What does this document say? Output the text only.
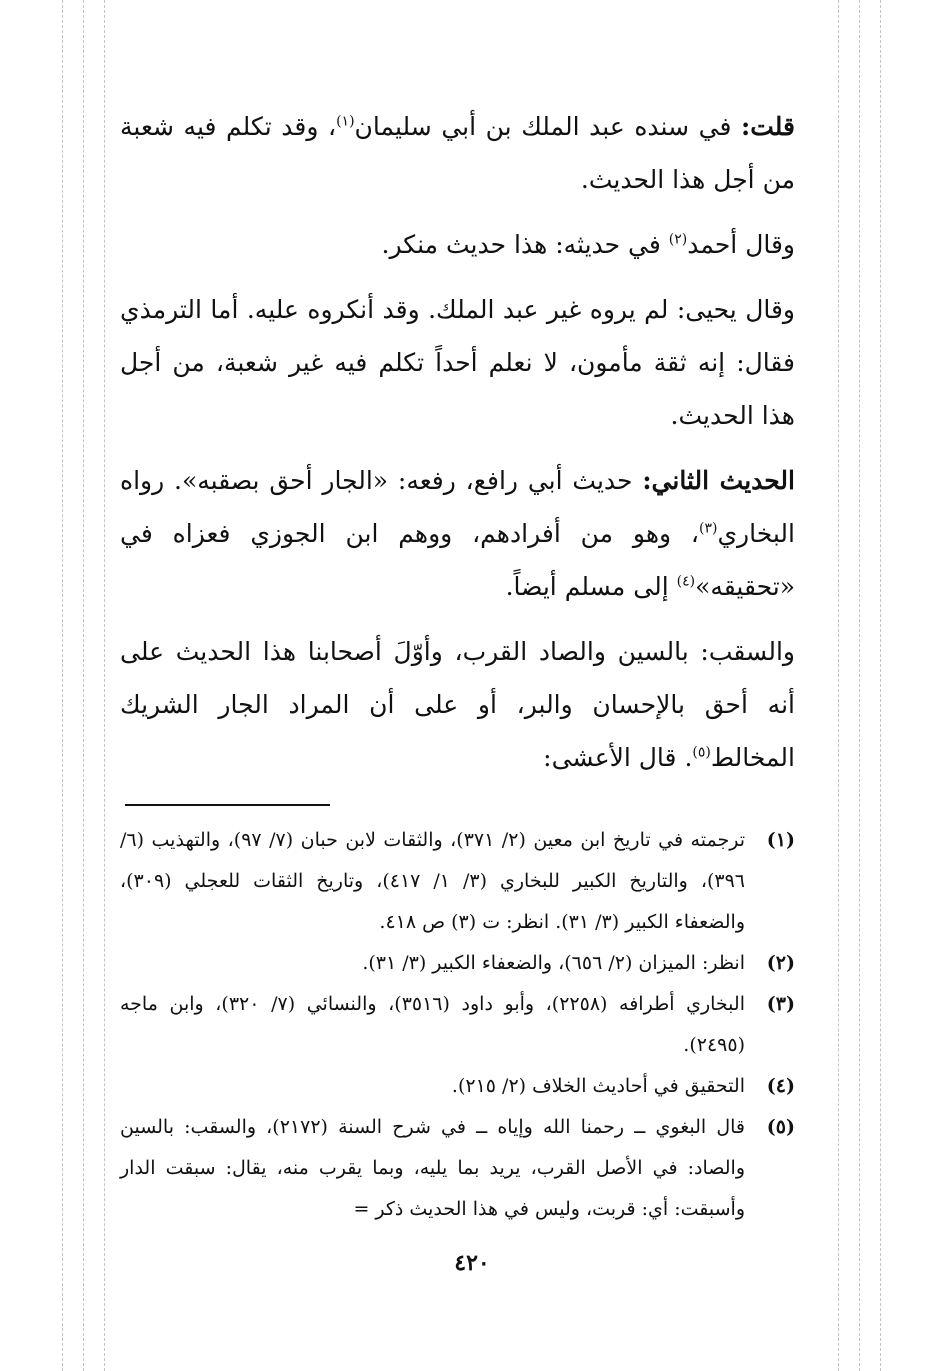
قلت: في سنده عبد الملك بن أبي سليمان$^{(١)}$، وقد تكلم فيه شعبة من أجل هذا الحديث.

وقال أحمد$^{(٢)}$ في حديثه: هذا حديث منكر.

وقال يحيى: لم يروه غير عبد الملك. وقد أنكروه عليه. أما الترمذي فقال: إنه ثقة مأمون، لا نعلم أحداً تكلم فيه غير شعبة، من أجل هذا الحديث.

الحديث الثاني: حديث أبي رافع، رفعه: «الجار أحق بصقبه». رواه البخاري$^{(٣)}$، وهو من أفرادهم، ووهم ابن الجوزي فعزاه في «تحقيقه»$^{(٤)}$ إلى مسلم أيضاً.

والسقب: بالسين والصاد القرب، وأوّلَ أصحابنا هذا الحديث على أنه أحق بالإحسان والبر، أو على أن المراد الجار الشريك المخالط$^{(٥)}$. قال الأعشى:

(١)
ترجمته في تاريخ ابن معين (٢/ ٣٧١)، والثقات لابن حبان (٧/ ٩٧)، والتهذيب (٦/ ٣٩٦)، والتاريخ الكبير للبخاري (٣/ ١/ ٤١٧)، وتاريخ الثقات للعجلي (٣٠٩)، والضعفاء الكبير (٣/ ٣١). انظر: ت (٣) ص ٤١٨.
(٢)
انظر: الميزان (٢/ ٦٥٦)، والضعفاء الكبير (٣/ ٣١).
(٣)
البخاري أطرافه (٢٢٥٨)، وأبو داود (٣٥١٦)، والنسائي (٧/ ٣٢٠)، وابن ماجه (٢٤٩٥).
(٤)
التحقيق في أحاديث الخلاف (٢/ ٢١٥).
(٥)
قال البغوي ــ رحمنا الله وإياه ــ في شرح السنة (٢١٧٢)، والسقب: بالسين والصاد: في الأصل القرب، يريد بما يليه، وبما يقرب منه، يقال: سبقت الدار وأسبقت: أي: قربت، وليس في هذا الحديث ذكر =
٤٢٠
